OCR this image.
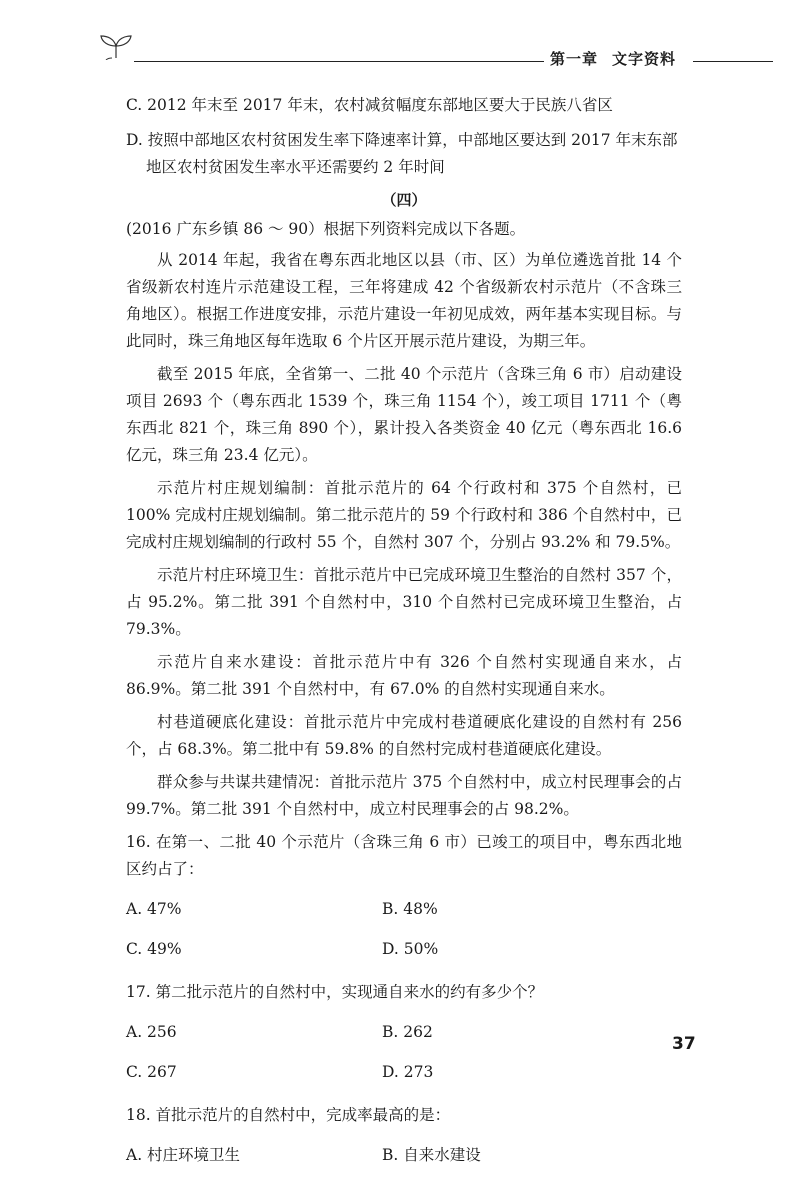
第一章 文字资料

C. 2012 年末至 2017 年末，农村减贫幅度东部地区要大于民族八省区

D. 按照中部地区农村贫困发生率下降速率计算，中部地区要达到 2017 年末东部地区农村贫困发生率水平还需要约 2 年时间

（四）

(2016 广东乡镇 86 ～ 90）根据下列资料完成以下各题。

从 2014 年起，我省在粤东西北地区以县（市、区）为单位遴选首批 14 个省级新农村连片示范建设工程，三年将建成 42 个省级新农村示范片（不含珠三角地区）。根据工作进度安排，示范片建设一年初见成效，两年基本实现目标。与此同时，珠三角地区每年选取 6 个片区开展示范片建设，为期三年。

截至 2015 年底，全省第一、二批 40 个示范片（含珠三角 6 市）启动建设项目 2693 个（粤东西北 1539 个，珠三角 1154 个），竣工项目 1711 个（粤东西北 821 个，珠三角 890 个），累计投入各类资金 40 亿元（粤东西北 16.6 亿元，珠三角 23.4 亿元）。

示范片村庄规划编制：首批示范片的 64 个行政村和 375 个自然村，已 100% 完成村庄规划编制。第二批示范片的 59 个行政村和 386 个自然村中，已完成村庄规划编制的行政村 55 个，自然村 307 个，分别占 93.2% 和 79.5%。

示范片村庄环境卫生：首批示范片中已完成环境卫生整治的自然村 357 个，占 95.2%。第二批 391 个自然村中，310 个自然村已完成环境卫生整治，占 79.3%。

示范片自来水建设：首批示范片中有 326 个自然村实现通自来水，占 86.9%。第二批 391 个自然村中，有 67.0% 的自然村实现通自来水。

村巷道硬底化建设：首批示范片中完成村巷道硬底化建设的自然村有 256 个，占 68.3%。第二批中有 59.8% 的自然村完成村巷道硬底化建设。

群众参与共谋共建情况：首批示范片 375 个自然村中，成立村民理事会的占 99.7%。第二批 391 个自然村中，成立村民理事会的占 98.2%。

16. 在第一、二批 40 个示范片（含珠三角 6 市）已竣工的项目中，粤东西北地区约占了：

A. 47%	B. 48%
C. 49%	D. 50%

17. 第二批示范片的自然村中，实现通自来水的约有多少个？

A. 256	B. 262
C. 267	D. 273

18. 首批示范片的自然村中，完成率最高的是：

A. 村庄环境卫生	B. 自来水建设
37
